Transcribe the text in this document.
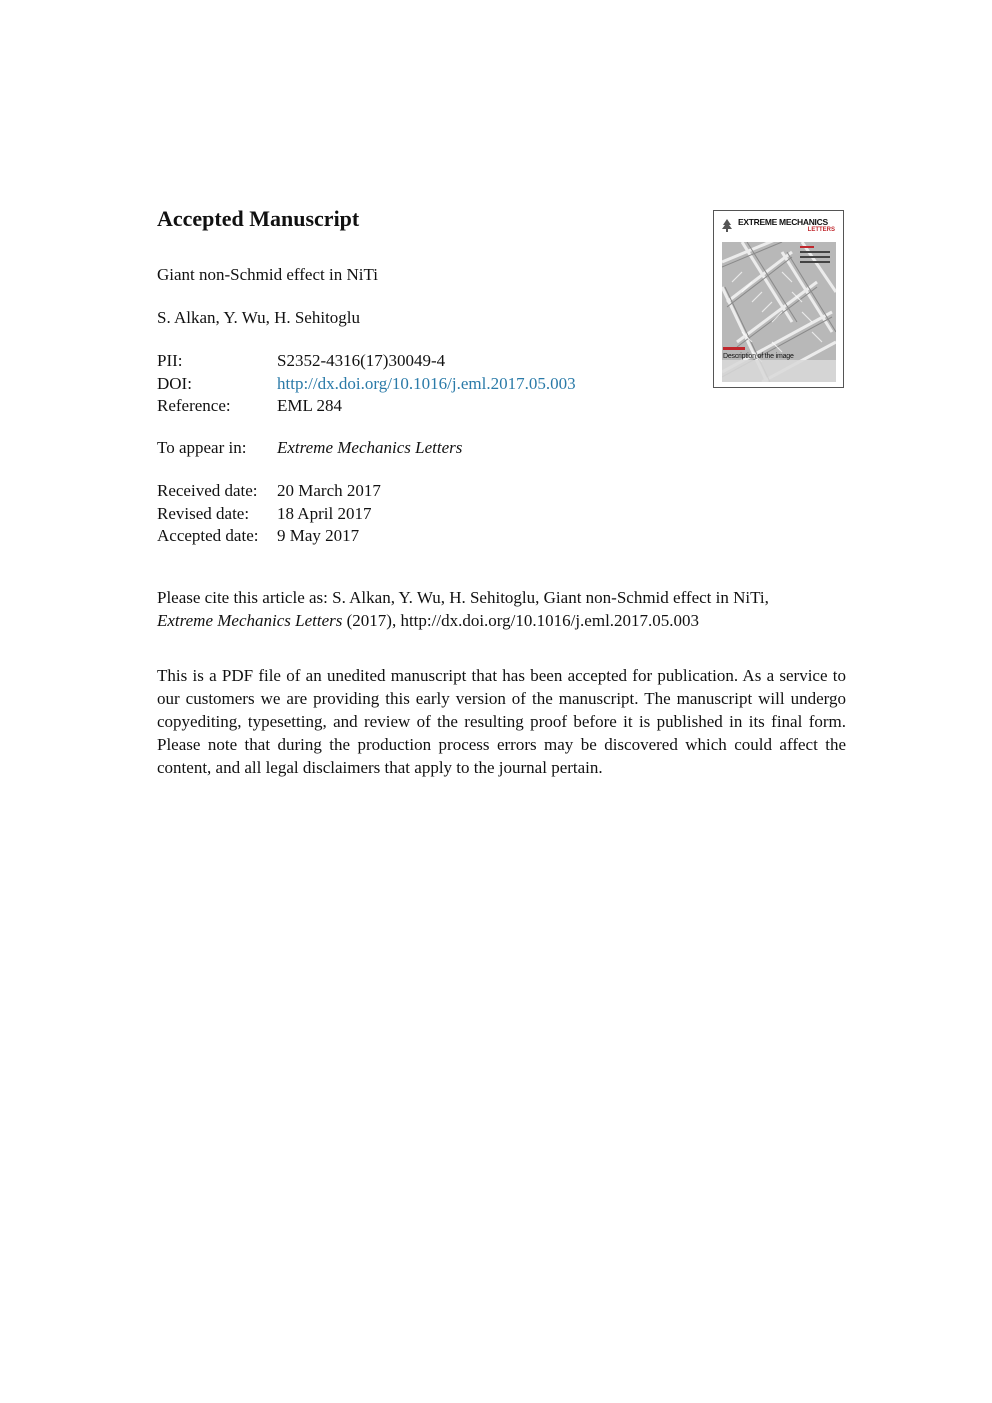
Accepted Manuscript
Giant non-Schmid effect in NiTi
S. Alkan, Y. Wu, H. Sehitoglu
PII:	S2352-4316(17)30049-4
DOI:	http://dx.doi.org/10.1016/j.eml.2017.05.003
Reference:	EML 284
To appear in:	Extreme Mechanics Letters
Received date:	20 March 2017
Revised date:	18 April 2017
Accepted date:	9 May 2017
Please cite this article as: S. Alkan, Y. Wu, H. Sehitoglu, Giant non-Schmid effect in NiTi,
Extreme Mechanics Letters (2017), http://dx.doi.org/10.1016/j.eml.2017.05.003
This is a PDF file of an unedited manuscript that has been accepted for publication. As a service to our customers we are providing this early version of the manuscript. The manuscript will undergo copyediting, typesetting, and review of the resulting proof before it is published in its final form. Please note that during the production process errors may be discovered which could affect the content, and all legal disclaimers that apply to the journal pertain.
EXTREME MECHANICS
LETTERS
Description of the image
